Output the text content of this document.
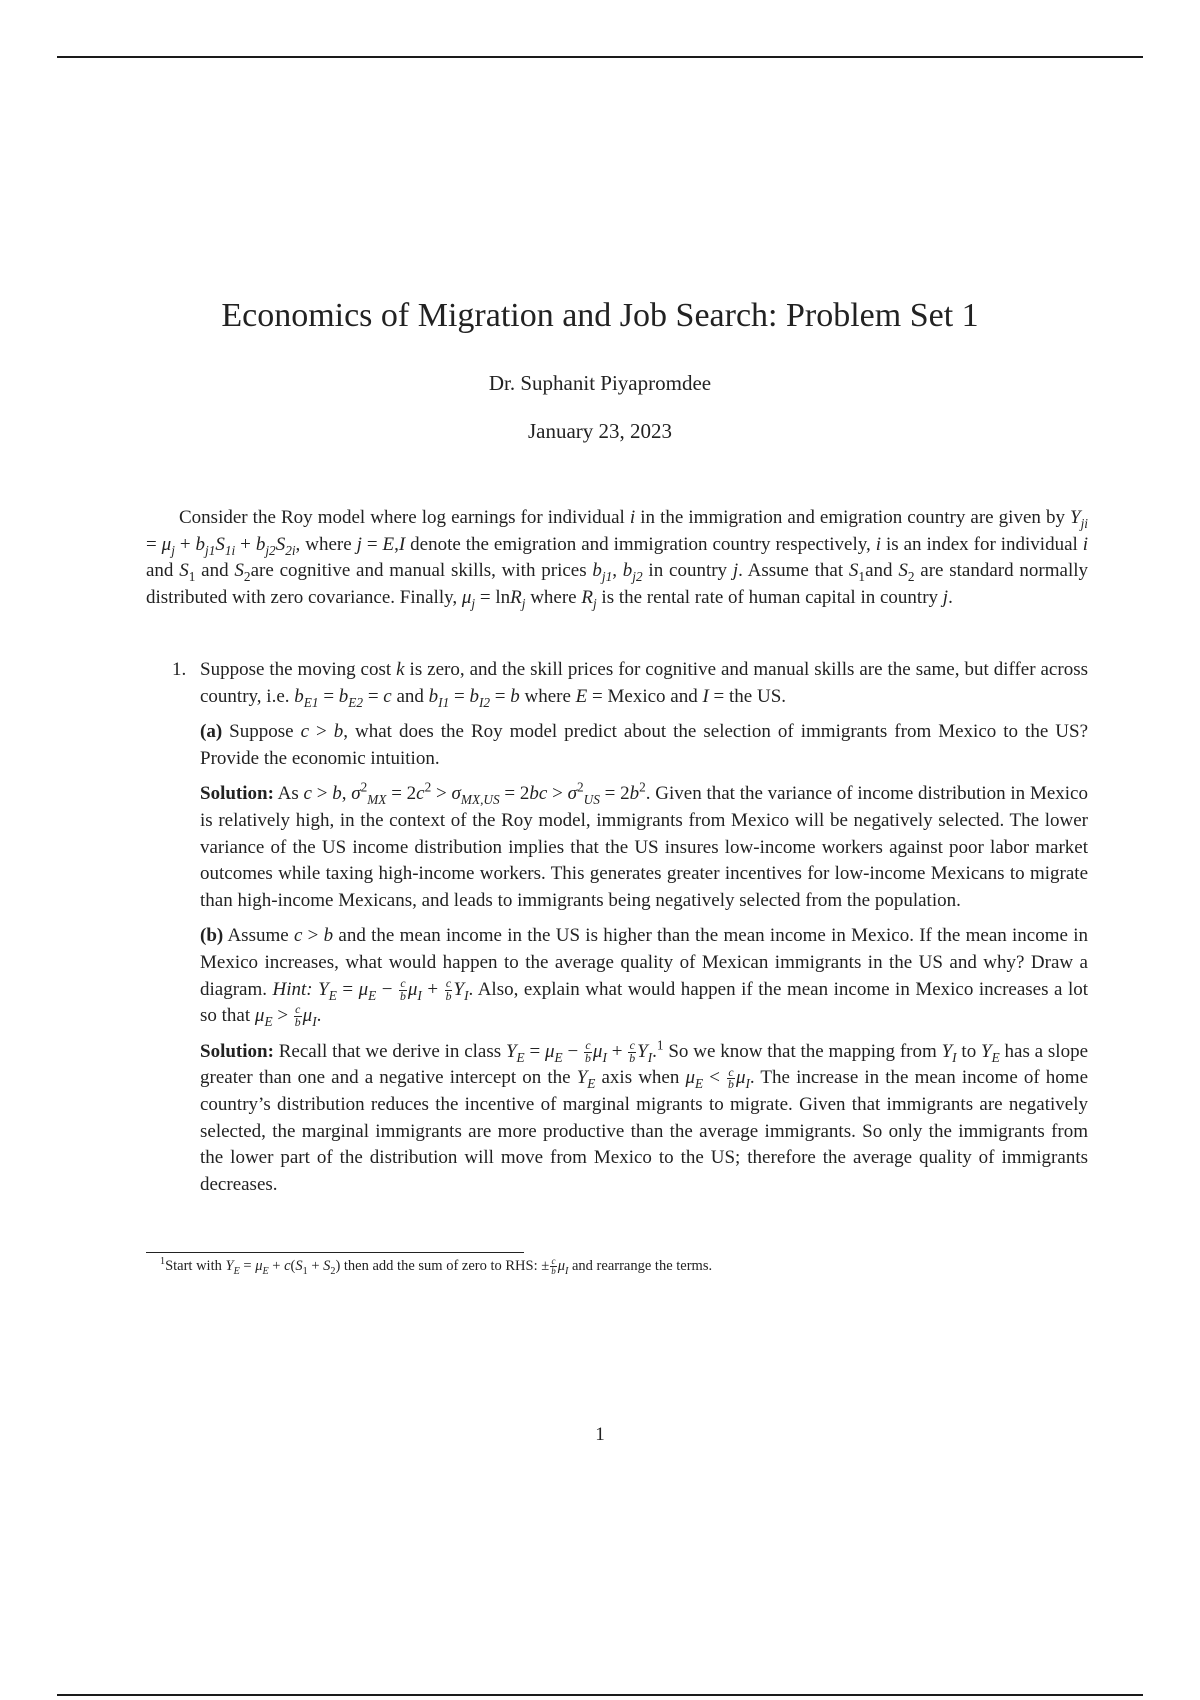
Economics of Migration and Job Search: Problem Set 1
Dr. Suphanit Piyapromdee
January 23, 2023

Consider the Roy model where log earnings for individual i in the immigration and emigration country are given by $Y_{ji} = \mu_j + b_{j1}S_{1i} + b_{j2}S_{2i}$, where j = E,I denote the emigration and immigration country respectively, i is an index for individual i and $S_1$ and $S_2are$ cognitive and manual skills, with prices $b_{j1}$, $b_{j2}$ in country j. Assume that $S_1and$ $S_2$ are standard normally distributed with zero covariance. Finally, $\mu_j = \ln R_j$ where $R_j$ is the rental rate of human capital in country j.

1. Suppose the moving cost k is zero, and the skill prices for cognitive and manual skills are the same, but differ across country, i.e. $b_{E1} = b_{E2} = c$ and $b_{I1} = b_{I2} = b$ where E = Mexico and I = the US.

(a) Suppose c > b, what does the Roy model predict about the selection of immigrants from Mexico to the US? Provide the economic intuition.

Solution: As c > b, $\sigma^2_{MX} = 2c^2 > \sigma_{MX,US} = 2bc > \sigma^2_{US} = 2b^2$. Given that the variance of income distribution in Mexico is relatively high, in the context of the Roy model, immigrants from Mexico will be negatively selected. The lower variance of the US income distribution implies that the US insures low-income workers against poor labor market outcomes while taxing high-income workers. This generates greater incentives for low-income Mexicans to migrate than high-income Mexicans, and leads to immigrants being negatively selected from the population.

(b) Assume c > b and the mean income in the US is higher than the mean income in Mexico. If the mean income in Mexico increases, what would happen to the average quality of Mexican immigrants in the US and why? Draw a diagram. Hint: $Y_E = \mu_E - \frac{c}{b} \mu_I + \frac{c}{b} Y_I$. Also, explain what would happen if the mean income in Mexico increases a lot so that $\mu_E > \frac{c}{b} \mu_I$.

Solution: Recall that we derive in class $Y_E = \mu_E - \frac{c}{b} \mu_I + \frac{c}{b} Y_I.^1$ So we know that the mapping from $Y_I$ to $Y_E$ has a slope greater than one and a negative intercept on the $Y_E$ axis when $\mu_E < \frac{c}{b} \mu_I$. The increase in the mean income of home country’s distribution reduces the incentive of marginal migrants to migrate. Given that immigrants are negatively selected, the marginal immigrants are more productive than the average immigrants. So only the immigrants from the lower part of the distribution will move from Mexico to the US; therefore the average quality of immigrants decreases.

$^1$Start with $Y_E = \mu_E + c(S_1 + S_2)$ then add the sum of zero to RHS: ± $\frac{c}{b} \mu_I$ and rearrange the terms.
1
